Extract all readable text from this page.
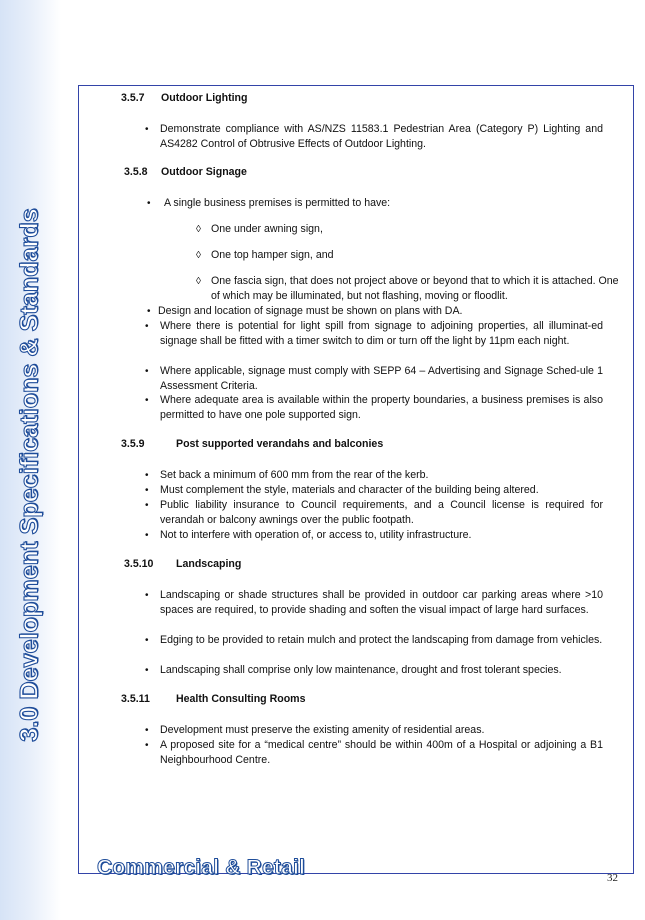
3.0 Development Specifications & Standards
3.5.7 Outdoor Lighting
• Demonstrate compliance with AS/NZS 11583.1 Pedestrian Area (Category P) Lighting and AS4282 Control of Obtrusive Effects of Outdoor Lighting.
3.5.8 Outdoor Signage
• A single business premises is permitted to have:
◊ One under awning sign,
◊ One top hamper sign, and
◊ One fascia sign, that does not project above or beyond that to which it is attached. One of which may be illuminated, but not flashing, moving or floodlit.
• Design and location of signage must be shown on plans with DA.
• Where there is potential for light spill from signage to adjoining properties, all illuminat-ed signage shall be fitted with a timer switch to dim or turn off the light by 11pm each night.
• Where applicable, signage must comply with SEPP 64 – Advertising and Signage Sched-ule 1 Assessment Criteria.
• Where adequate area is available within the property boundaries, a business premises is also permitted to have one pole supported sign.
3.5.9	Post supported verandahs and balconies
• Set back a minimum of 600 mm from the rear of the kerb.
• Must complement the style, materials and character of the building being altered.
• Public liability insurance to Council requirements, and a Council license is required for verandah or balcony awnings over the public footpath.
• Not to interfere with operation of, or access to, utility infrastructure.
3.5.10 Landscaping
• Landscaping or shade structures shall be provided in outdoor car parking areas where >10 spaces are required, to provide shading and soften the visual impact of large hard surfaces.
• Edging to be provided to retain mulch and protect the landscaping from damage from vehicles.
• Landscaping shall comprise only low maintenance, drought and frost tolerant species.
3.5.11 Health Consulting Rooms
• Development must preserve the existing amenity of residential areas.
• A proposed site for a “medical centre” should be within 400m of a Hospital or adjoining a B1 Neighbourhood Centre.
Commercial & Retail	32
